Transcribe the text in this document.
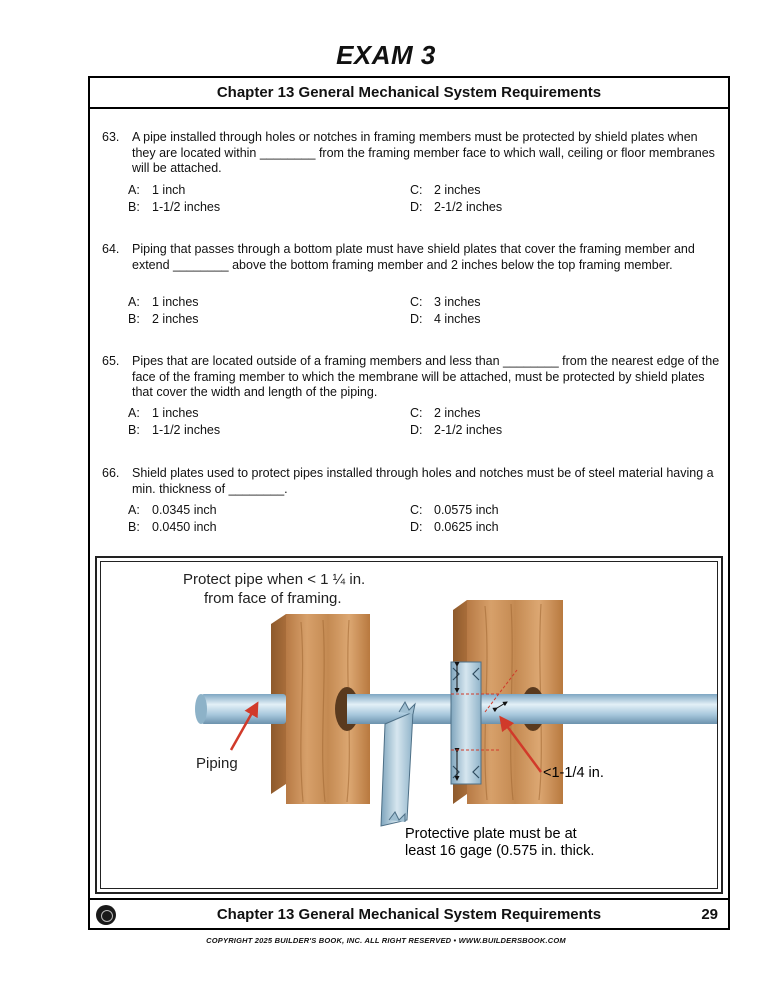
EXAM 3
Chapter 13 General Mechanical System Requirements
63.	A pipe installed through holes or notches in framing members must be protected by shield plates when they are located within ________ from the framing member face to which wall, ceiling or floor membranes will be attached.
A: 1 inch
B: 1-1/2 inches
C: 2 inches
D: 2-1/2 inches
64.	Piping that passes through a bottom plate must have shield plates that cover the framing member and extend ________ above the bottom framing member and 2 inches below the top framing member.
A: 1 inches
B: 2 inches
C: 3 inches
D: 4 inches
65.	Pipes that are located outside of a framing members and less than ________ from the nearest edge of the face of the framing member to which the membrane will be attached, must be protected by shield plates that cover the width and length of the piping.
A: 1 inches
B: 1-1/2 inches
C: 2 inches
D: 2-1/2 inches
66.	Shield plates used to protect pipes installed through holes and notches must be of steel material having a min. thickness of ________.
A: 0.0345 inch
B: 0.0450 inch
C: 0.0575 inch
D: 0.0625 inch
Protect pipe when < 1 ¼ in.
from face of framing.
Piping
<1-1/4 in.
Protective plate must be at
least 16 gage (0.575 in. thick.
Chapter 13 General Mechanical System Requirements	29
COPYRIGHT 2025 BUILDER'S BOOK, INC. ALL RIGHT RESERVED • WWW.BUILDERSBOOK.COM
